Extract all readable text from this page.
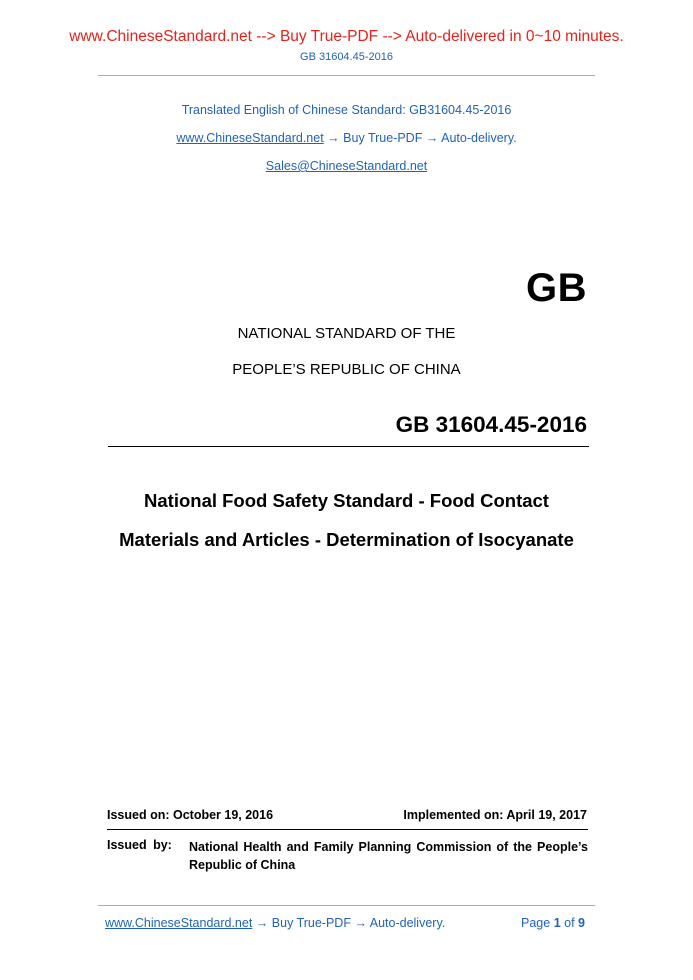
www.ChineseStandard.net --> Buy True-PDF --> Auto-delivered in 0~10 minutes.
GB 31604.45-2016
Translated English of Chinese Standard: GB31604.45-2016
www.ChineseStandard.net → Buy True-PDF → Auto-delivery.
Sales@ChineseStandard.net
GB
NATIONAL STANDARD OF THE
PEOPLE’S REPUBLIC OF CHINA
GB 31604.45-2016
National Food Safety Standard - Food Contact
Materials and Articles - Determination of Isocyanate
Issued on: October 19, 2016	Implemented on: April 19, 2017
Issued by: National Health and Family Planning Commission of the People’s Republic of China
www.ChineseStandard.net → Buy True-PDF → Auto-delivery.	Page 1 of 9
